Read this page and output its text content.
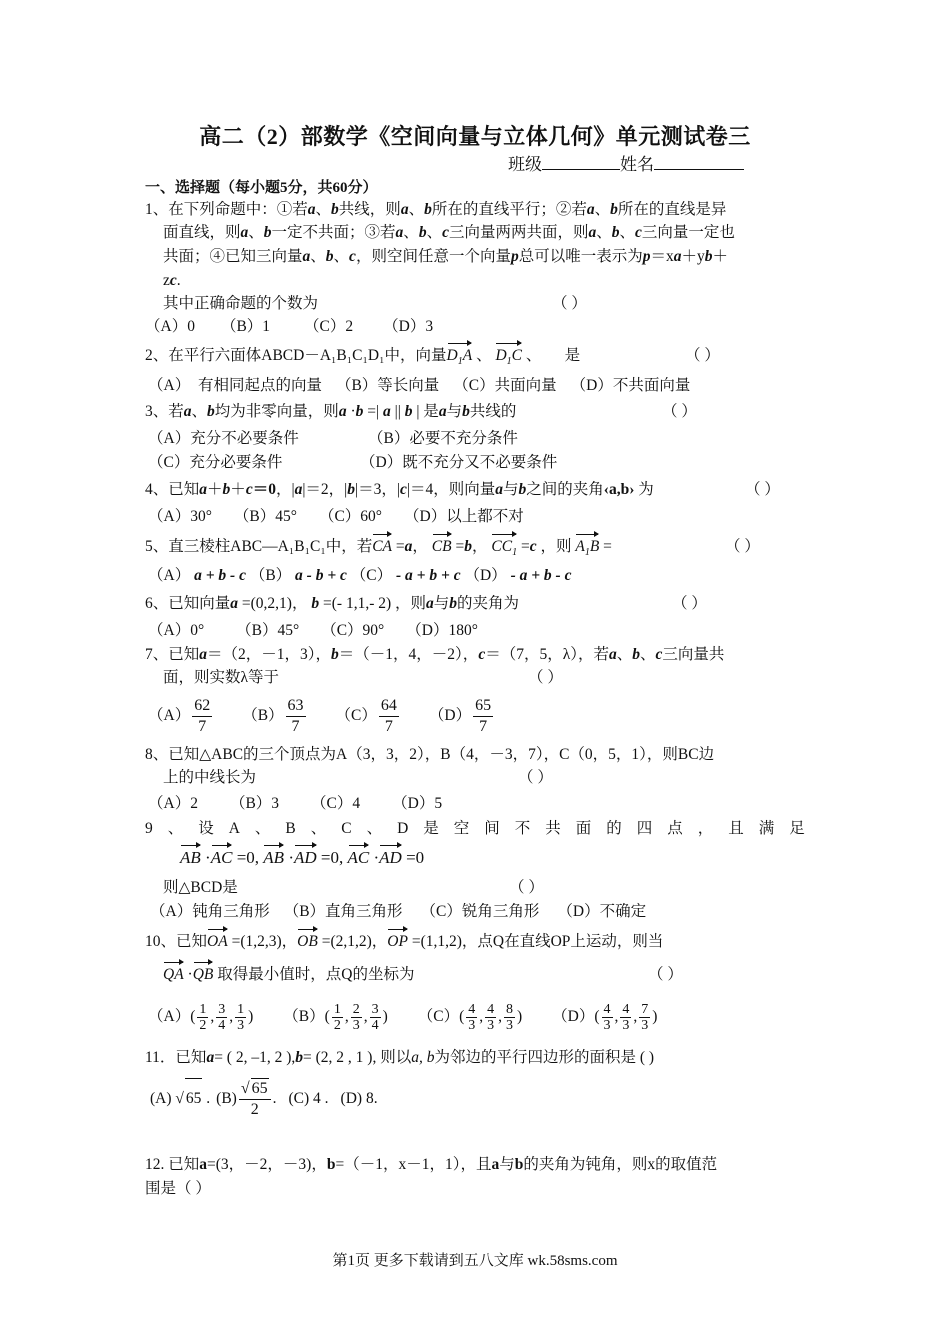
高二（2）部数学《空间向量与立体几何》单元测试卷三
班级	姓名
一、选择题（每小题5分，共60分）
1、在下列命题中：①若a、b共线，则a、b所在的直线平行；②若a、b所在的直线是异
面直线，则a、b一定不共面；③若a、b、c三向量两两共面，则a、b、c三向量一定也
共面；④已知三向量a、b、c，则空间任意一个向量p总可以唯一表示为p＝xa＋yb＋
zc.
其中正确命题的个数为	（ ）
（A）0 （B）1 （C）2 （D）3
2、在平行六面体ABCD－A₁B₁C₁D₁中，向量$D_1A$ 、 $D_1C$ 、 　 是	（ ）
（A）　有相同起点的向量 （B）等长向量 （C）共面向量 （D）不共面向量
3、若a、b均为非零向量，则a ·b =| a || b | 是a与b共线的	（ ）
（A）充分不必要条件	（B）必要不充分条件
（C）充分必要条件	（D）既不充分又不必要条件
4、已知a＋b＋c＝0，|a|＝2，|b|＝3，|c|＝4，则向量a与b之间的夹角‹a,b› 为	（ ）
（A）30° （B）45° （C）60° （D）以上都不对
5、直三棱柱ABC—A₁B₁C₁中，若CA =a， CB =b， $CC_1 =c$ ，则 $A_1B$ =	（ ）
（A） a + b - c （B） a - b + c （C） - a + b + c （D） - a + b - c
6、已知向量a =(0,2,1)， b =(- 1,1,- 2) ，则a与b的夹角为	（ ）
（A）0° （B）45° （C）90° （D）180°
7、已知a＝（2，－1，3），b＝（－1，4，－2），c＝（7，5，λ），若a、b、c三向量共
面，则实数λ等于	（ ）
$(A) \frac{62}{7} (B) \frac{63}{7} (C) \frac{64}{7} (D) \frac{65}{7}$
8、已知△ABC的三个顶点为A（3，3，2），B（4，－3，7），C（0，5，1），则BC边
上的中线长为	（ ）
（A）2 （B）3 （C）4 （D）5
9 、 设 A 、 B 、 C 、 D 是 空 间 不 共 面 的 四 点 ， 且 满 足
AB ·AC =0, AB ·AD =0, AC ·AD =0
则△BCD是	（ ）
（A）钝角三角形 （B）直角三角形 （C）锐角三角形 （D）不确定
10、已知OA =(1,2,3)，OB =(2,1,2)，OP =(1,1,2)，点Q在直线OP上运动，则当
QA ·QB 取得最小值时，点Q的坐标为	（ ）
$(A)( \frac{1}{2}$ , $\frac{3}{4}$ , $\frac{1}{3}$ ) $(B)( \frac{1}{2}$ , $\frac{2}{3}$ , $\frac{3}{4}$ ) $(C)( \frac{4}{3}$ , $\frac{4}{3}$ , $\frac{8}{3}$ ) $(D)( \frac{4}{3}$ , $\frac{4}{3}$ , $\frac{7}{3}$ )
11．已知a= ( 2, –1, 2 ),b= (2, 2 , 1 ), 则以a, b为邻边的平行四边形的面积是 ( )
(A) √ 65 . $(B) \frac{√ 65}{2}$ . (C) 4 . (D) 8.
12. 已知a=(3，－2，－3)，b=（－1，x－1，1），且a与b的夹角为钝角，则x的取值范
围是（ ）
第1页 更多下载请到五八文库 wk.58sms.com
